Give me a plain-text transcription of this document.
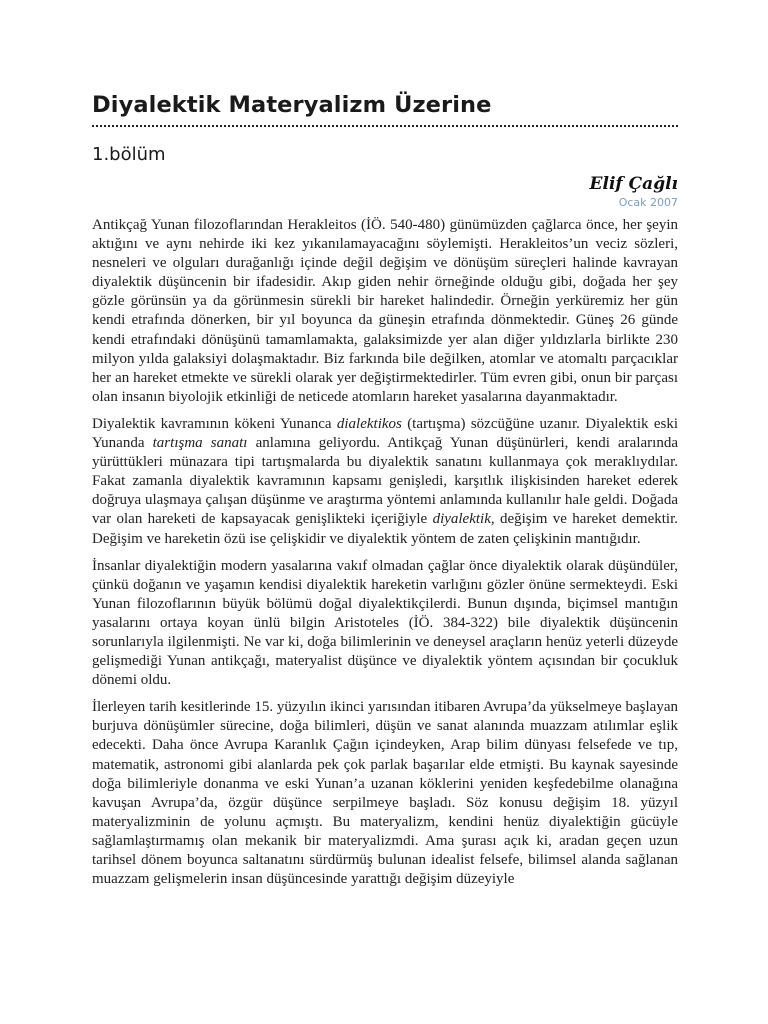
Diyalektik Materyalizm Üzerine
1.bölüm
Elif Çağlı
Ocak 2007

Antikçağ Yunan filozoflarından Herakleitos (İÖ. 540-480) günümüzden çağlarca önce, her şeyin aktığını ve aynı nehirde iki kez yıkanılamayacağını söylemişti. Herakleitos’un veciz sözleri, nesneleri ve olguları durağanlığı içinde değil değişim ve dönüşüm süreçleri halinde kavrayan diyalektik düşüncenin bir ifadesidir. Akıp giden nehir örneğinde olduğu gibi, doğada her şey gözle görünsün ya da görünmesin sürekli bir hareket halindedir. Örneğin yerküremiz her gün kendi etrafında dönerken, bir yıl boyunca da güneşin etrafında dönmektedir. Güneş 26 günde kendi etrafındaki dönüşünü tamamlamakta, galaksimizde yer alan diğer yıldızlarla birlikte 230 milyon yılda galaksiyi dolaşmaktadır. Biz farkında bile değilken, atomlar ve atomaltı parçacıklar her an hareket etmekte ve sürekli olarak yer değiştirmektedirler. Tüm evren gibi, onun bir parçası olan insanın biyolojik etkinliği de neticede atomların hareket yasalarına dayanmaktadır.

Diyalektik kavramının kökeni Yunanca dialektikos (tartışma) sözcüğüne uzanır. Diyalektik eski Yunanda tartışma sanatı anlamına geliyordu. Antikçağ Yunan düşünürleri, kendi aralarında yürüttükleri münazara tipi tartışmalarda bu diyalektik sanatını kullanmaya çok meraklıydılar. Fakat zamanla diyalektik kavramının kapsamı genişledi, karşıtlık ilişkisinden hareket ederek doğruya ulaşmaya çalışan düşünme ve araştırma yöntemi anlamında kullanılır hale geldi. Doğada var olan hareketi de kapsayacak genişlikteki içeriğiyle diyalektik, değişim ve hareket demektir. Değişim ve hareketin özü ise çelişkidir ve diyalektik yöntem de zaten çelişkinin mantığıdır.

İnsanlar diyalektiğin modern yasalarına vakıf olmadan çağlar önce diyalektik olarak düşündüler, çünkü doğanın ve yaşamın kendisi diyalektik hareketin varlığını gözler önüne sermekteydi. Eski Yunan filozoflarının büyük bölümü doğal diyalektikçilerdi. Bunun dışında, biçimsel mantığın yasalarını ortaya koyan ünlü bilgin Aristoteles (İÖ. 384-322) bile diyalektik düşüncenin sorunlarıyla ilgilenmişti. Ne var ki, doğa bilimlerinin ve deneysel araçların henüz yeterli düzeyde gelişmediği Yunan antikçağı, materyalist düşünce ve diyalektik yöntem açısından bir çocukluk dönemi oldu.

İlerleyen tarih kesitlerinde 15. yüzyılın ikinci yarısından itibaren Avrupa’da yükselmeye başlayan burjuva dönüşümler sürecine, doğa bilimleri, düşün ve sanat alanında muazzam atılımlar eşlik edecekti. Daha önce Avrupa Karanlık Çağın içindeyken, Arap bilim dünyası felsefede ve tıp, matematik, astronomi gibi alanlarda pek çok parlak başarılar elde etmişti. Bu kaynak sayesinde doğa bilimleriyle donanma ve eski Yunan’a uzanan köklerini yeniden keşfedebilme olanağına kavuşan Avrupa’da, özgür düşünce serpilmeye başladı. Söz konusu değişim 18. yüzyıl materyalizminin de yolunu açmıştı. Bu materyalizm, kendini henüz diyalektiğin gücüyle sağlamlaştırmamış olan mekanik bir materyalizmdi. Ama şurası açık ki, aradan geçen uzun tarihsel dönem boyunca saltanatını sürdürmüş bulunan idealist felsefe, bilimsel alanda sağlanan muazzam gelişmelerin insan düşüncesinde yarattığı değişim düzeyiyle
